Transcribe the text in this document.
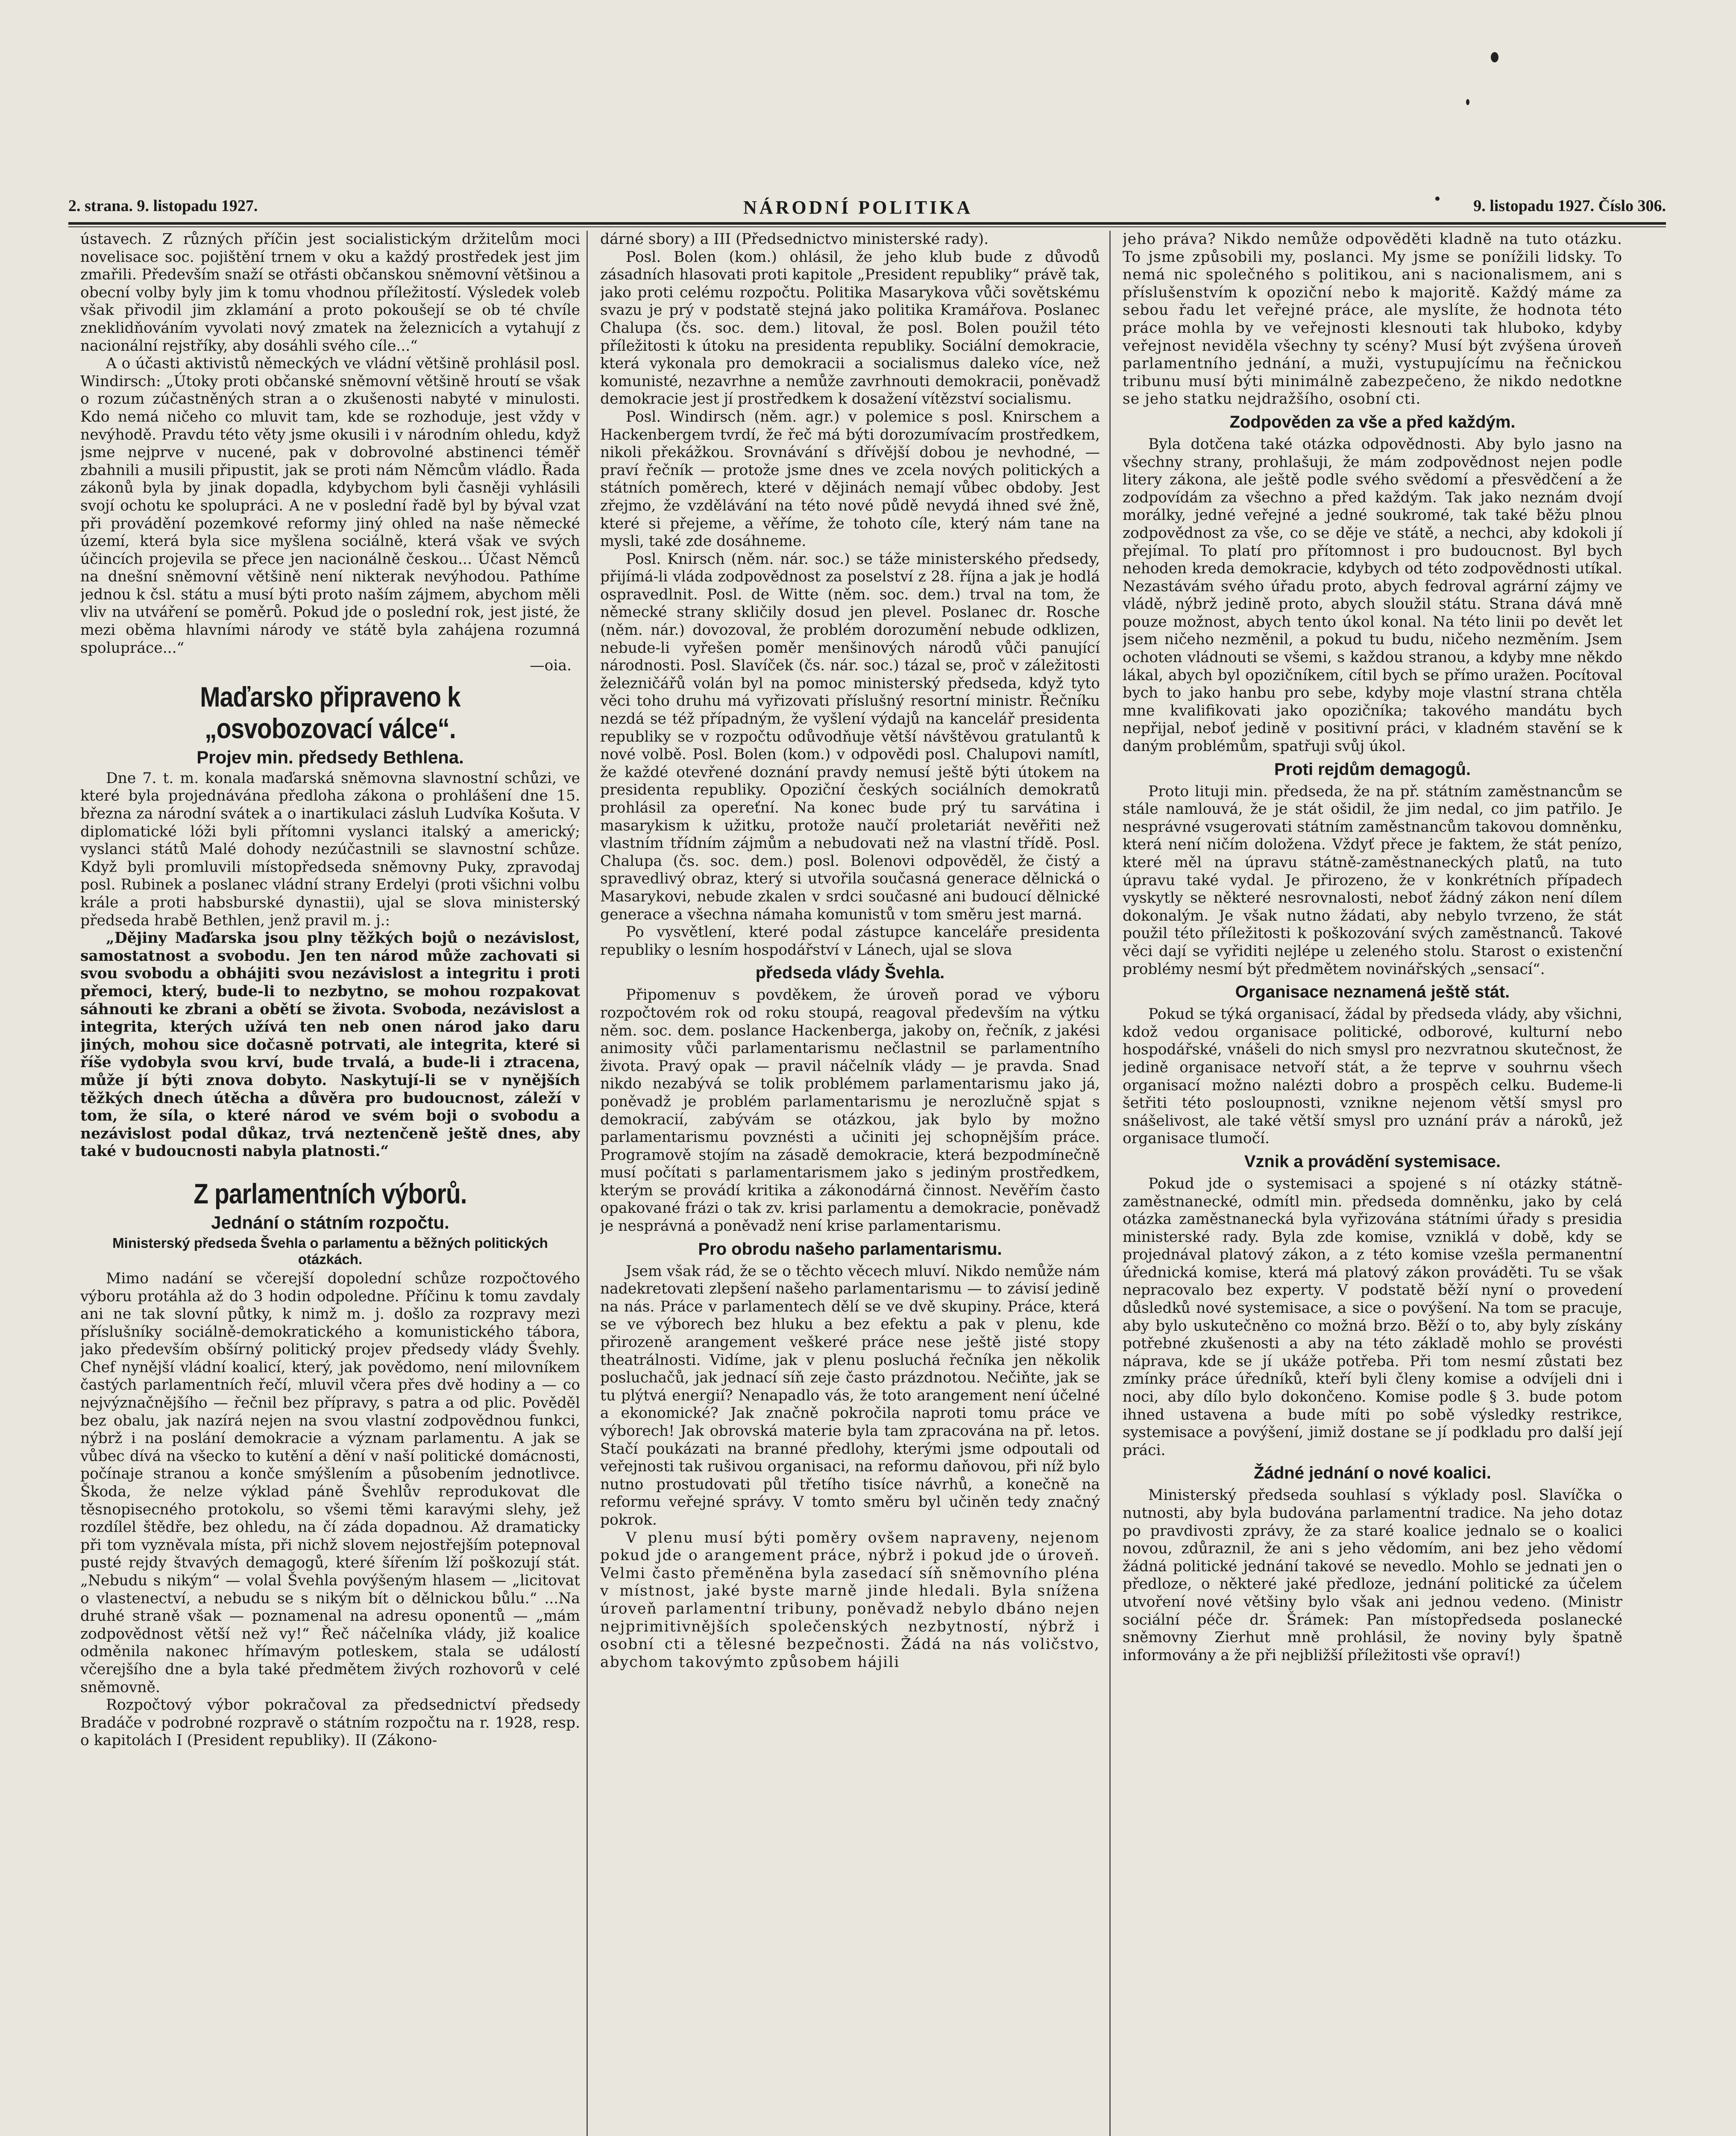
2. strana. 9. listopadu 1927.	NÁRODNÍ POLITIKA	9. listopadu 1927. Číslo 306.

ústavech. Z různých příčin jest socialistickým držitelům moci novelisace soc. pojištění trnem v oku a každý prostředek jest jim zmařili. Především snaží se otřásti občanskou sněmovní většinou a obecní volby byly jim k tomu vhodnou příležitostí. Výsledek voleb však přivodil jim zklamání a proto pokoušejí se ob té chvíle zneklidňováním vyvolati nový zmatek na železnicích a vytahují z nacionální rejstříky, aby dosáhli svého cíle...“

A o účasti aktivistů německých ve vládní většině prohlásil posl. Windirsch: „Útoky proti občanské sněmovní většině hroutí se však o rozum zúčastněných stran a o zkušenosti nabyté v minulosti. Kdo nemá ničeho co mluvit tam, kde se rozhoduje, jest vždy v nevýhodě. Pravdu této věty jsme okusili i v národním ohledu, když jsme nejprve v nucené, pak v dobrovolné abstinenci téměř zbahnili a musili připustit, jak se proti nám Němcům vládlo. Řada zákonů byla by jinak dopadla, kdybychom byli časněji vyhlásili svojí ochotu ke spolupráci. A ne v poslední řadě byl by býval vzat při provádění pozemkové reformy jiný ohled na naše německé území, která byla sice myšlena sociálně, která však ve svých účincích projevila se přece jen nacionálně českou... Účast Němců na dnešní sněmovní většině není nikterak nevýhodou. Pathíme jednou k čsl. státu a musí býti proto naším zájmem, abychom měli vliv na utváření se poměrů. Pokud jde o poslední rok, jest jisté, že mezi oběma hlavními národy ve státě byla zahájena rozumná spolupráce...“

—oia.

Maďarsko připraveno k „osvobozovací válce“.
Projev min. předsedy Bethlena.

Dne 7. t. m. konala maďarská sněmovna slavnostní schůzi, ve které byla projednávána předloha zákona o prohlášení dne 15. března za národní svátek a o inartikulaci zásluh Ludvíka Košuta. V diplomatické lóži byli přítomni vyslanci italský a americký; vyslanci států Malé dohody nezúčastnili se slavnostní schůze. Když byli promluvili místopředseda sněmovny Puky, zpravodaj posl. Rubinek a poslanec vládní strany Erdelyi (proti všichni volbu krále a proti habsburské dynastii), ujal se slova ministerský předseda hrabě Bethlen, jenž pravil m. j.:

„Dějiny Maďarska jsou plny těžkých bojů o nezávislost, samostatnost a svobodu. Jen ten národ může zachovati si svou svobodu a obhájiti svou nezávislost a integritu i proti přemoci, který, bude-li to nezbytno, se mohou rozpakovat sáhnouti ke zbrani a obětí se života. Svoboda, nezávislost a integrita, kterých užívá ten neb onen národ jako daru jiných, mohou sice dočasně potrvati, ale integrita, které si říše vydobyla svou krví, bude trvalá, a bude-li i ztracena, může jí býti znova dobyto. Naskytují-li se v nynějších těžkých dnech útěcha a důvěra pro budoucnost, záleží v tom, že síla, o které národ ve svém boji o svobodu a nezávislost podal důkaz, trvá neztenčeně ještě dnes, aby také v budoucnosti nabyla platnosti.“

Z parlamentních výborů.
Jednání o státním rozpočtu.
Ministerský předseda Švehla o parlamentu a běžných politických otázkách.

Mimo nadání se včerejší dopolední schůze rozpočtového výboru protáhla až do 3 hodin odpoledne. Příčinu k tomu zavdaly ani ne tak slovní půtky, k nimž m. j. došlo za rozpravy mezi příslušníky sociálně-demokratického a komunistického tábora, jako především obšírný politický projev předsedy vlády Švehly. Chef nynější vládní koalicí, který, jak povědomo, není milovníkem častých parlamentních řečí, mluvil včera přes dvě hodiny a — co nejvýznačnějšího — řečnil bez přípravy, s patra a od plic. Pověděl bez obalu, jak nazírá nejen na svou vlastní zodpovědnou funkci, nýbrž i na poslání demokracie a význam parlamentu. A jak se vůbec dívá na všecko to kutění a dění v naší politické domácnosti, počínaje stranou a konče smýšlením a působením jednotlivce. Škoda, že nelze výklad páně Švehlův reprodukovat dle těsnopisecného protokolu, so všemi těmi karavými slehy, jež rozdílel štědře, bez ohledu, na čí záda dopadnou. Až dramaticky při tom vyzněvala místa, při nichž slovem nejostřejším potepnoval pusté rejdy štvavých demagogů, které šířením lží poškozují stát. „Nebudu s nikým“ — volal Švehla povýšeným hlasem — „licitovat o vlastenectví, a nebudu se s nikým bít o dělnickou bůlu.“ ...Na druhé straně však — poznamenal na adresu oponentů — „mám zodpovědnost větší než vy!“ Řeč náčelníka vlády, již koalice odměnila nakonec hřímavým potleskem, stala se událostí včerejšího dne a byla také předmětem živých rozhovorů v celé sněmovně.

Rozpočtový výbor pokračoval za předsednictví předsedy Bradáče v podrobné rozpravě o státním rozpočtu na r. 1928, resp. o kapitolách I (President republiky). II (Zákono-

dárné sbory) a III (Předsednictvo ministerské rady).

Posl. Bolen (kom.) ohlásil, že jeho klub bude z důvodů zásadních hlasovati proti kapitole „President republiky“ právě tak, jako proti celému rozpočtu. Politika Masarykova vůči sovětskému svazu je prý v podstatě stejná jako politika Kramářova. Poslanec Chalupa (čs. soc. dem.) litoval, že posl. Bolen použil této příležitosti k útoku na presidenta republiky. Sociální demokracie, která vykonala pro demokracii a socialismus daleko více, než komunisté, nezavrhne a nemůže zavrhnouti demokracii, poněvadž demokracie jest jí prostředkem k dosažení vítězství socialismu.

Posl. Windirsch (něm. agr.) v polemice s posl. Knirschem a Hackenbergem tvrdí, že řeč má býti dorozumívacím prostředkem, nikoli překážkou. Srovnávání s dřívější dobou je nevhodné, — praví řečník — protože jsme dnes ve zcela nových politických a státních poměrech, které v dějinách nemají vůbec obdoby. Jest zřejmo, že vzdělávání na této nové půdě nevydá ihned své žně, které si přejeme, a věříme, že tohoto cíle, který nám tane na mysli, také zde dosáhneme.

Posl. Knirsch (něm. nár. soc.) se táže ministerského předsedy, přijímá-li vláda zodpovědnost za poselství z 28. října a jak je hodlá ospravedlnit. Posl. de Witte (něm. soc. dem.) trval na tom, že německé strany skličily dosud jen plevel. Poslanec dr. Rosche (něm. nár.) dovozoval, že problém dorozumění nebude odklizen, nebude-li vyřešen poměr menšinových národů vůči panující národnosti. Posl. Slavíček (čs. nár. soc.) tázal se, proč v záležitosti železničářů volán byl na pomoc ministerský předseda, když tyto věci toho druhu má vyřizovati příslušný resortní ministr. Řečníku nezdá se též případným, že vyšlení výdajů na kancelář presidenta republiky se v rozpočtu odůvodňuje větší návštěvou gratulantů k nové volbě. Posl. Bolen (kom.) v odpovědi posl. Chalupovi namítl, že každé otevřené doznání pravdy nemusí ještě býti útokem na presidenta republiky. Opoziční českých sociálních demokratů prohlásil za opereťní. Na konec bude prý tu sarvátina i masarykism k užitku, protože naučí proletariát nevěřiti než vlastním třídním zájmům a nebudovati než na vlastní třídě. Posl. Chalupa (čs. soc. dem.) posl. Bolenovi odpověděl, že čistý a spravedlivý obraz, který si utvořila současná generace dělnická o Masarykovi, nebude zkalen v srdci současné ani budoucí dělnické generace a všechna námaha komunistů v tom směru jest marná.

Po vysvětlení, které podal zástupce kanceláře presidenta republiky o lesním hospodářství v Lánech, ujal se slova

předseda vlády Švehla.

Připomenuv s povděkem, že úroveň porad ve výboru rozpočtovém rok od roku stoupá, reagoval především na výtku něm. soc. dem. poslance Hackenberga, jakoby on, řečník, z jakési animosity vůči parlamentarismu nečlastnil se parlamentního života. Pravý opak — pravil náčelník vlády — je pravda. Snad nikdo nezabývá se tolik problémem parlamentarismu jako já, poněvadž je problém parlamentarismu je nerozlučně spjat s demokracií, zabývám se otázkou, jak bylo by možno parlamentarismu povznésti a učiniti jej schopnějším práce. Programově stojím na zásadě demokracie, která bezpodmínečně musí počítati s parlamentarismem jako s jediným prostředkem, kterým se provádí kritika a zákonodárná činnost. Nevěřím často opakované frázi o tak zv. krisi parlamentu a demokracie, poněvadž je nesprávná a poněvadž není krise parlamentarismu.

Pro obrodu našeho parlamentarismu.

Jsem však rád, že se o těchto věcech mluví. Nikdo nemůže nám nadekretovati zlepšení našeho parlamentarismu — to závisí jedině na nás. Práce v parlamentech dělí se ve dvě skupiny. Práce, která se ve výborech bez hluku a bez efektu a pak v plenu, kde přirozeně arangement veškeré práce nese ještě jisté stopy theatrálnosti. Vidíme, jak v plenu posluchá řečníka jen několik posluchačů, jak jednací síň zeje často prázdnotou. Nečiňte, jak se tu plýtvá energií? Nenapadlo vás, že toto arangement není účelné a ekonomické? Jak značně pokročila naproti tomu práce ve výborech! Jak obrovská materie byla tam zpracována na př. letos. Stačí poukázati na branné předlohy, kterými jsme odpoutali od veřejnosti tak rušivou organisaci, na reformu daňovou, při níž bylo nutno prostudovati půl třetího tisíce návrhů, a konečně na reformu veřejné správy. V tomto směru byl učiněn tedy značný pokrok.

V plenu musí býti poměry ovšem napraveny, nejenom pokud jde o arangement práce, nýbrž i pokud jde o úroveň. Velmi často přeměněna byla zasedací síň sněmovního pléna v místnost, jaké byste marně jinde hledali. Byla snížena úroveň parlamentní tribuny, poněvadž nebylo dbáno nejen nejprimitivnějších společenských nezbytností, nýbrž i osobní cti a tělesné bezpečnosti. Žádá na nás voličstvo, abychom takovýmto způsobem hájili

jeho práva? Nikdo nemůže odpověděti kladně na tuto otázku. To jsme způsobili my, poslanci. My jsme se ponížili lidsky. To nemá nic společného s politikou, ani s nacionalismem, ani s příslušenstvím k opoziční nebo k majoritě. Každý máme za sebou řadu let veřejné práce, ale myslíte, že hodnota této práce mohla by ve veřejnosti klesnouti tak hluboko, kdyby veřejnost neviděla všechny ty scény? Musí být zvýšena úroveň parlamentního jednání, a muži, vystupujícímu na řečnickou tribunu musí býti minimálně zabezpečeno, že nikdo nedotkne se jeho statku nejdražšího, osobní cti.

Zodpověden za vše a před každým.

Byla dotčena také otázka odpovědnosti. Aby bylo jasno na všechny strany, prohlašuji, že mám zodpovědnost nejen podle litery zákona, ale ještě podle svého svědomí a přesvědčení a že zodpovídám za všechno a před každým. Tak jako neznám dvojí morálky, jedné veřejné a jedné soukromé, tak také běžu plnou zodpovědnost za vše, co se děje ve státě, a nechci, aby kdokoli jí přejímal. To platí pro přítomnost i pro budoucnost. Byl bych nehoden kreda demokracie, kdybych od této zodpovědnosti utíkal. Nezastávám svého úřadu proto, abych fedroval agrární zájmy ve vládě, nýbrž jedině proto, abych sloužil státu. Strana dává mně pouze možnost, abych tento úkol konal. Na této linii po devět let jsem ničeho nezměnil, a pokud tu budu, ničeho nezměním. Jsem ochoten vládnouti se všemi, s každou stranou, a kdyby mne někdo lákal, abych byl opozičníkem, cítil bych se přímo uražen. Pocítoval bych to jako hanbu pro sebe, kdyby moje vlastní strana chtěla mne kvalifikovati jako opozičníka; takového mandátu bych nepřijal, neboť jedině v positivní práci, v kladném stavění se k daným problémům, spatřuji svůj úkol.

Proti rejdům demagogů.

Proto lituji min. předseda, že na př. státním zaměstnancům se stále namlouvá, že je stát ošidil, že jim nedal, co jim patřilo. Je nesprávné vsugerovati státním zaměstnancům takovou domněnku, která není ničím doložena. Vždyť přece je faktem, že stát penízo, které měl na úpravu státně-zaměstnaneckých platů, na tuto úpravu také vydal. Je přirozeno, že v konkrétních případech vyskytly se některé nesrovnalosti, neboť žádný zákon není dílem dokonalým. Je však nutno žádati, aby nebylo tvrzeno, že stát použil této příležitosti k poškozování svých zaměstnanců. Takové věci dají se vyřiditi nejlépe u zeleného stolu. Starost o existenční problémy nesmí být předmětem novinářských „sensací“.

Organisace neznamená ještě stát.

Pokud se týká organisací, žádal by předseda vlády, aby všichni, kdož vedou organisace politické, odborové, kulturní nebo hospodářské, vnášeli do nich smysl pro nezvratnou skutečnost, že jedině organisace netvoří stát, a že teprve v souhrnu všech organisací možno nalézti dobro a prospěch celku. Budeme-li šetřiti této posloupnosti, vznikne nejenom větší smysl pro snášelivost, ale také větší smysl pro uznání práv a nároků, jež organisace tlumočí.

Vznik a provádění systemisace.

Pokud jde o systemisaci a spojené s ní otázky státně-zaměstnanecké, odmítl min. předseda domněnku, jako by celá otázka zaměstnanecká byla vyřizována státními úřady s presidia ministerské rady. Byla zde komise, vzniklá v době, kdy se projednával platový zákon, a z této komise vzešla permanentní úřednická komise, která má platový zákon prováděti. Tu se však nepracovalo bez experty. V podstatě běží nyní o provedení důsledků nové systemisace, a sice o povýšení. Na tom se pracuje, aby bylo uskutečněno co možná brzo. Běží o to, aby byly získány potřebné zkušenosti a aby na této základě mohlo se provésti náprava, kde se jí ukáže potřeba. Při tom nesmí zůstati bez zmínky práce úředníků, kteří byli členy komise a odvíjeli dni i noci, aby dílo bylo dokončeno. Komise podle § 3. bude potom ihned ustavena a bude míti po sobě výsledky restrikce, systemisace a povýšení, jimiž dostane se jí podkladu pro další její práci.

Žádné jednání o nové koalici.

Ministerský předseda souhlasí s výklady posl. Slavíčka o nutnosti, aby byla budována parlamentní tradice. Na jeho dotaz po pravdivosti zprávy, že za staré koalice jednalo se o koalici novou, zdůraznil, že ani s jeho vědomím, ani bez jeho vědomí žádná politické jednání takové se nevedlo. Mohlo se jednati jen o předloze, o některé jaké předloze, jednání politické za účelem utvoření nové většiny bylo však ani jednou vedeno. (Ministr sociální péče dr. Šrámek: Pan místopředseda poslanecké sněmovny Zierhut mně prohlásil, že noviny byly špatně informovány a že při nejbližší příležitosti vše opraví!)
